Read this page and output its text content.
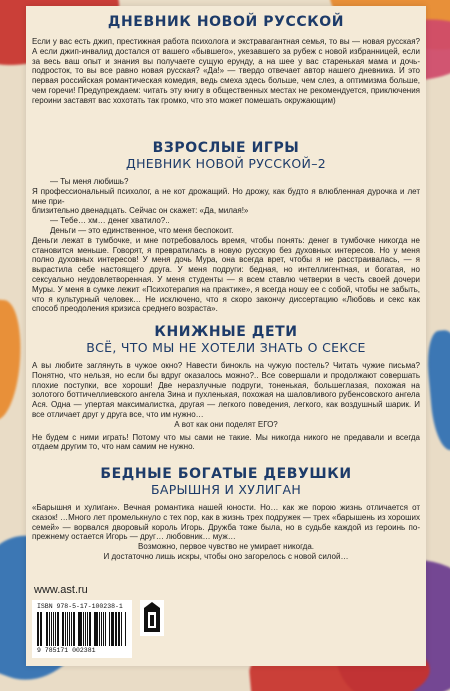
ДНЕВНИК НОВОЙ РУССКОЙ
Если у вас есть джип, престижная работа психолога и экстравагантная семья, то вы — новая русская? А если джип-инвалид достался от вашего «бывшего», укезавшего за рубеж с новой избранницей, если за весь ваш опыт и знания вы получаете сущую ерунду, а на шее у вас старенькая мама и дочь-подросток, то вы все равно новая русская? «Да!» — твердо отвечает автор нашего дневника. И это первая российская романтическая комедия, ведь смеха здесь больше, чем слез, а оптимизма больше, чем горечи! Предупреждаем: читать эту книгу в общественных местах не рекомендуется, приключения героини заставят вас хохотать так громко, что это может помешать окружающим)
ВЗРОСЛЫЕ ИГРЫ
ДНЕВНИК НОВОЙ РУССКОЙ–2

— Ты меня любишь?

Я профессиональный психолог, а не кот дрожащий. Но дрожу, как будто я влюбленная дурочка и лет мне при-

близительно двенадцать. Сейчас он скажет: «Да, милая!»

— Тебе… хм… денег хватило?..

Деньги — это единственное, что меня беспокоит.

Деньги лежат в тумбочке, и мне потребовалось время, чтобы понять: денег в тумбочке никогда не становится меньше. Говорят, я превратилась в новую русскую без духовных интересов. Но у меня полно духовных интересов! У меня дочь Мура, она всегда врет, чтобы я не расстраивалась, — я вырастила себе настоящего друга. У меня подруги: бедная, но интеллигентная, и богатая, но сексуально неудовлетворенная. У меня студенты — я всем ставлю четверки в честь своей дочери Муры. У меня в сумке лежит «Психотерапия на практике», я всегда ношу ее с собой, чтобы не забыть, что я культурный человек… Не исключено, что я скоро закончу диссертацию «Любовь и секс как способ преодоления кризиса среднего возраста».
КНИЖНЫЕ ДЕТИ
ВСЁ, ЧТО МЫ НЕ ХОТЕЛИ ЗНАТЬ О СЕКСЕ
А вы любите заглянуть в чужое окно? Навести бинокль на чужую постель? Читать чужие письма? Понятно, что нельзя, но если бы вдруг оказалось можно?.. Все совершали и продолжают совершать плохие поступки, все хороши! Две неразлучные подруги, тоненькая, большеглазая, похожая на золотого боттичеллиевского ангела Зина и пухленькая, похожая на шаловливого рубенсовского ангела Ася. Одна — упертая максималистка, другая — легкого поведения, легкого, как воздушный шарик. И все отличает друг у друга все, что им нужно…
А вот как они поделят ЕГО?
Не будем с ними играть! Потому что мы сами не такие. Мы никогда никого не предавали и всегда отдаем другим то, что нам самим не нужно.
БЕДНЫЕ БОГАТЫЕ ДЕВУШКИ
БАРЫШНЯ И ХУЛИГАН
«Барышня и хулиган». Вечная романтика нашей юности. Но… как же порою жизнь отличается от сказок! …Много лет промелькнуло с тех пор, как в жизнь трех подружек — трех «барышень из хороших семей» — ворвался дворовый король Игорь. Дружба тоже была, но в судьбе каждой из героинь по-прежнему остается Игорь — друг… любовник… муж…
Возможно, первое чувство не умирает никогда.
И достаточно лишь искры, чтобы оно загорелось с новой силой…
www.ast.ru
ISBN 978-5-17-100238-1
9 785171 002381
